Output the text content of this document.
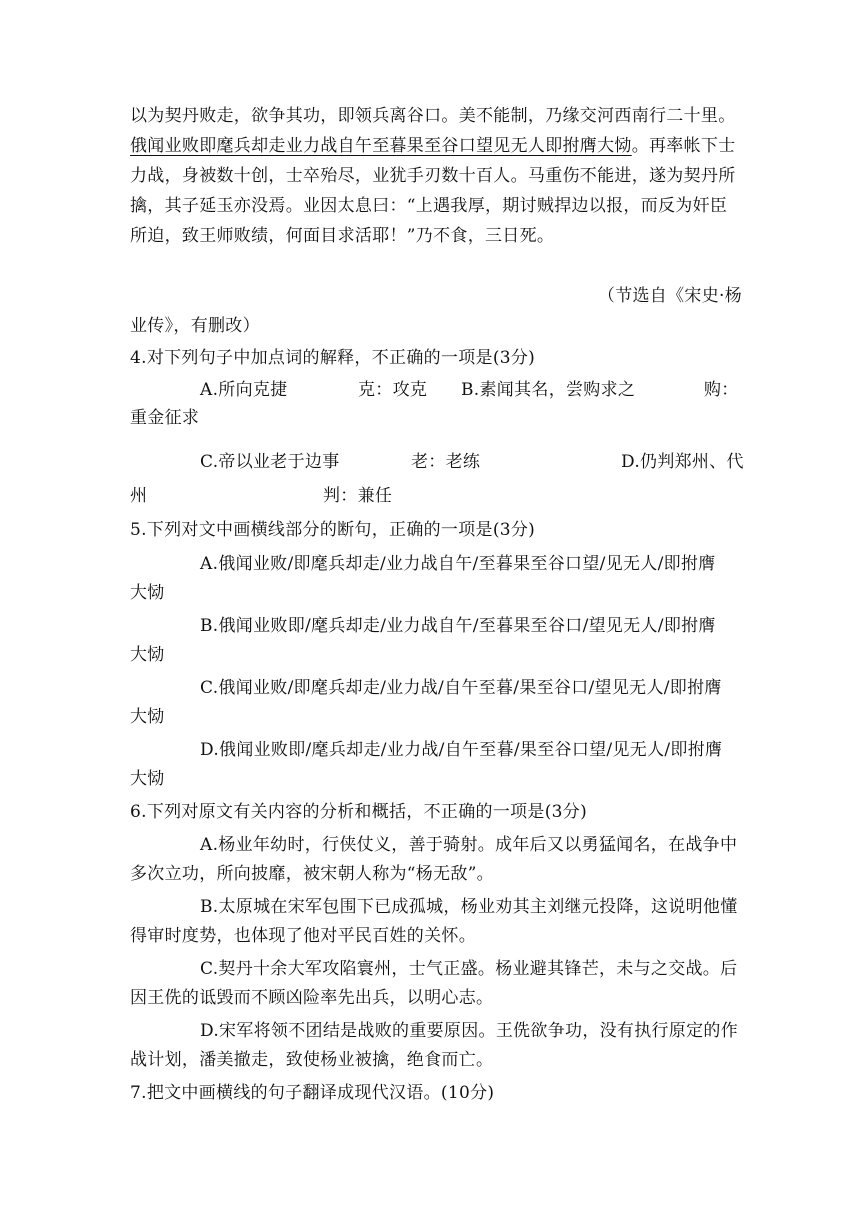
以为契丹败走，欲争其功，即领兵离谷口。美不能制，乃缘交河西南行二十里。
俄闻业败即麾兵却走业力战自午至暮果至谷口望见无人即拊膺大恸。再率帐下士
力战，身被数十创，士卒殆尽，业犹手刃数十百人。马重伤不能进，遂为契丹所
擒，其子延玉亦没焉。业因太息曰：“上遇我厚，期讨贼捍边以报，而反为奸臣
所迫，致王师败绩，何面目求活耶！”乃不食，三日死。
（节选自《宋史·杨
业传》，有删改）
4.对下列句子中加点词的解释，不正确的一项是(3分)
A.所向克捷	克：攻克 B.素闻其名，尝购求之	购：
重金征求
C.帝以业老于边事	老：老练	D.仍判郑州、代
州	判：兼任
5.下列对文中画横线部分的断句，正确的一项是(3分)
A.俄闻业败/即麾兵却走/业力战自午/至暮果至谷口望/见无人/即拊膺
大恸
B.俄闻业败即/麾兵却走/业力战自午/至暮果至谷口/望见无人/即拊膺
大恸
C.俄闻业败/即麾兵却走/业力战/自午至暮/果至谷口/望见无人/即拊膺
大恸
D.俄闻业败即/麾兵却走/业力战/自午至暮/果至谷口望/见无人/即拊膺
大恸
6.下列对原文有关内容的分析和概括，不正确的一项是(3分)
A.杨业年幼时，行侠仗义，善于骑射。成年后又以勇猛闻名，在战争中
多次立功，所向披靡，被宋朝人称为“杨无敌”。
B.太原城在宋军包围下已成孤城，杨业劝其主刘继元投降，这说明他懂
得审时度势，也体现了他对平民百姓的关怀。
C.契丹十余大军攻陷寰州，士气正盛。杨业避其锋芒，未与之交战。后
因王侁的诋毁而不顾凶险率先出兵，以明心志。
D.宋军将领不团结是战败的重要原因。王侁欲争功，没有执行原定的作
战计划，潘美撤走，致使杨业被擒，绝食而亡。
7.把文中画横线的句子翻译成现代汉语。(10分)
